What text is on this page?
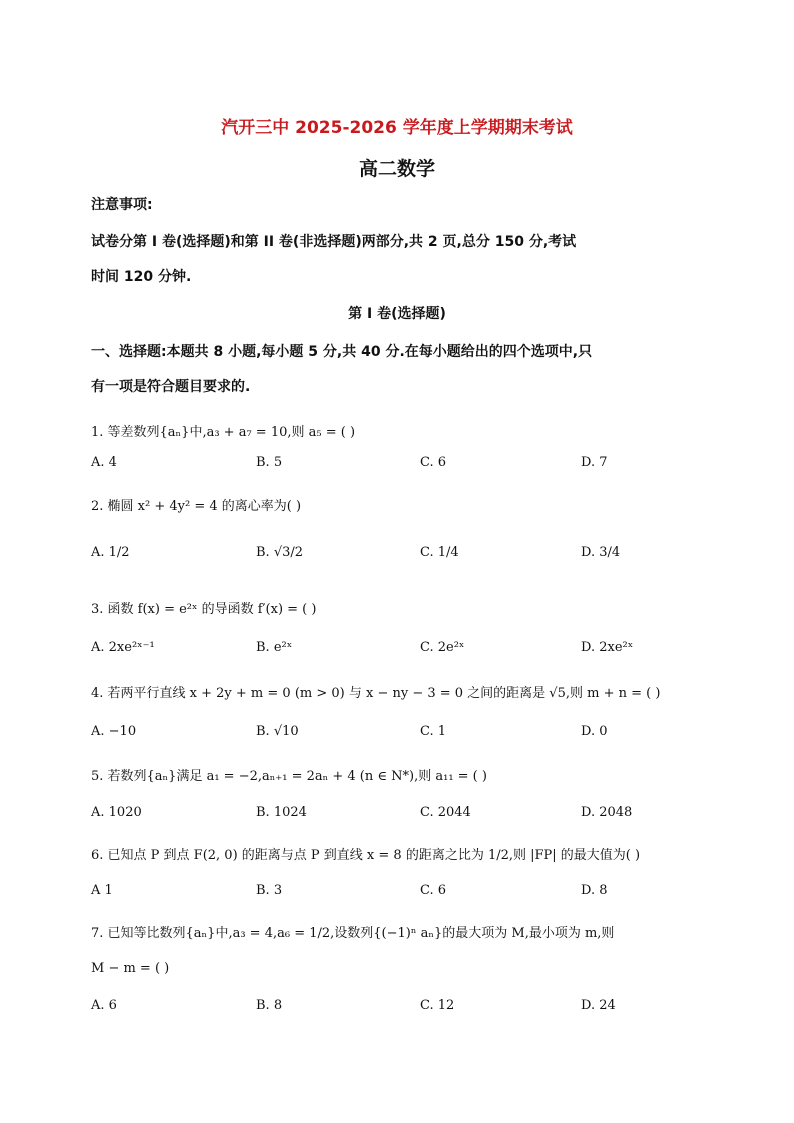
汽开三中 2025-2026 学年度上学期期末考试
高二数学
注意事项:
试卷分第 I 卷(选择题)和第 II 卷(非选择题)两部分,共 2 页,总分 150 分,考试
时间 120 分钟.
第 I 卷(选择题)
一、选择题:本题共 8 小题,每小题 5 分,共 40 分.在每小题给出的四个选项中,只
有一项是符合题目要求的.
1. 等差数列{aₙ}中,a₃ + a₇ = 10,则 a₅ = ( )
A. 4	B. 5	C. 6	D. 7
2. 椭圆 x² + 4y² = 4 的离心率为( )
A. 1/2	B. √3/2	C. 1/4	D. 3/4
3. 函数 f(x) = e²ˣ 的导函数 f′(x) = ( )
A. 2xe²ˣ⁻¹	B. e²ˣ	C. 2e²ˣ	D. 2xe²ˣ
4. 若两平行直线 x + 2y + m = 0 (m > 0) 与 x − ny − 3 = 0 之间的距离是 √5,则 m + n = ( )
A. −10	B. √10	C. 1	D. 0
5. 若数列{aₙ}满足 a₁ = −2,aₙ₊₁ = 2aₙ + 4 (n ∈ N*),则 a₁₁ = ( )
A. 1020	B. 1024	C. 2044	D. 2048
6. 已知点 P 到点 F(2, 0) 的距离与点 P 到直线 x = 8 的距离之比为 1/2,则 |FP| 的最大值为( )
A 1	B. 3	C. 6	D. 8
7. 已知等比数列{aₙ}中,a₃ = 4,a₆ = 1/2,设数列{(−1)ⁿ aₙ}的最大项为 M,最小项为 m,则
M − m = ( )
A. 6	B. 8	C. 12	D. 24
